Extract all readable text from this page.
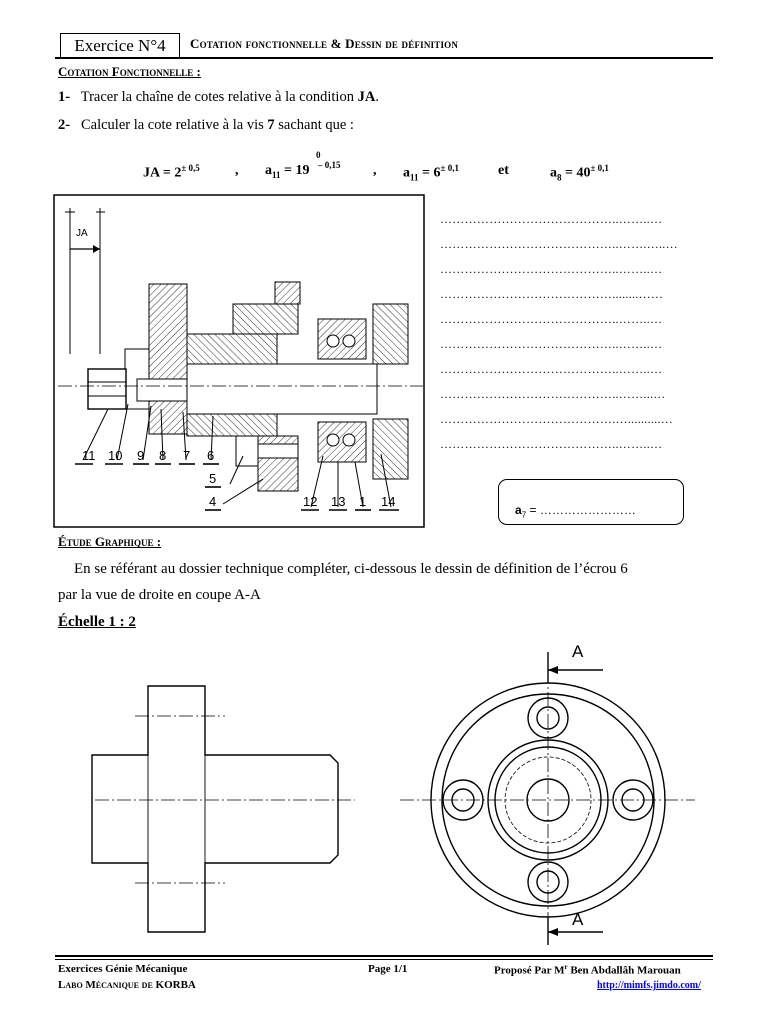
Exercice N°4	Cotation fonctionnelle & Dessin de définition
Cotation Fonctionnelle :
1- Tracer la chaîne de cotes relative à la condition JA.
2- Calculer la cote relative à la vis 7 sachant que :
JA = $2^{\pm 0,5}$	, $a_{11} = 19$
0
– 0,15 , $a_{11} = 6^{\pm 0,1}$	et	$a_8 = 40^{\pm 0,1}$
JA
11 10 9 8 7 6
5
4	12 13 1 14
……………………………………..……..…
……………………………………..…….…..…
……………………………………..……..…
……………………………………........……
……………………………………..……..…
……………………………………..……..…
……………………………………..……..…
……………………………………..……...…
…………………………………….…..........…
……………………………………..……..…
$a_7$ = ……………………
Étude Graphique :
En se référant au dossier technique compléter, ci-dessous le dessin de définition de l’écrou 6
par la vue de droite en coupe A-A
Échelle 1 : 2
A
A
Exercices Génie Mécanique
Labo Mécanique de KORBA
Page 1/1	Proposé Par $M^r$ Ben Abdallâh Marouan
http://mimfs.jimdo.com/
